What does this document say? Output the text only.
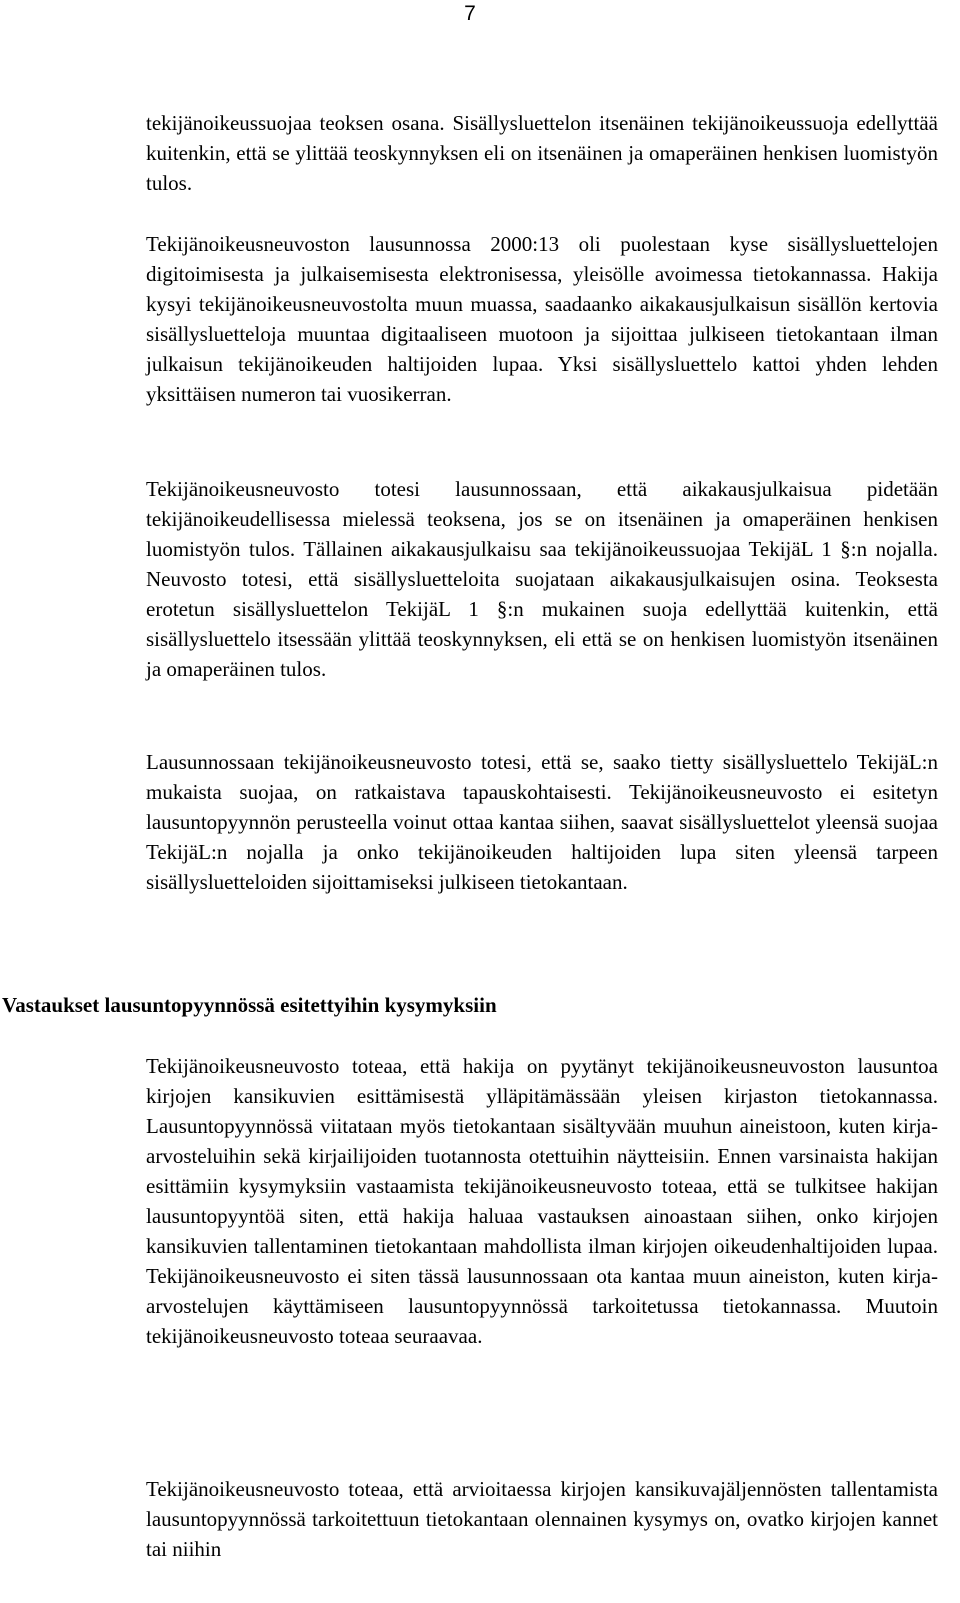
7

tekijänoikeussuojaa teoksen osana. Sisällysluettelon itsenäinen tekijänoikeussuoja edellyttää kuitenkin, että se ylittää teoskynnyksen eli on itsenäinen ja omaperäinen henkisen luomistyön tulos.

Tekijänoikeusneuvoston lausunnossa 2000:13 oli puolestaan kyse sisällysluettelojen digitoimisesta ja julkaisemisesta elektronisessa, yleisölle avoimessa tietokannassa. Hakija kysyi tekijänoikeusneuvostolta muun muassa, saadaanko aikakausjulkaisun sisällön kertovia sisällysluetteloja muuntaa digitaaliseen muotoon ja sijoittaa julkiseen tietokantaan ilman julkaisun tekijänoikeuden haltijoiden lupaa. Yksi sisällysluettelo kattoi yhden lehden yksittäisen numeron tai vuosikerran.

Tekijänoikeusneuvosto totesi lausunnossaan, että aikakausjulkaisua pidetään tekijänoikeudellisessa mielessä teoksena, jos se on itsenäinen ja omaperäinen henkisen luomistyön tulos. Tällainen aikakausjulkaisu saa tekijänoikeussuojaa TekijäL 1 §:n nojalla. Neuvosto totesi, että sisällysluetteloita suojataan aikakausjulkaisujen osina. Teoksesta erotetun sisällysluettelon TekijäL 1 §:n mukainen suoja edellyttää kuitenkin, että sisällysluettelo itsessään ylittää teoskynnyksen, eli että se on henkisen luomistyön itsenäinen ja omaperäinen tulos.

Lausunnossaan tekijänoikeusneuvosto totesi, että se, saako tietty sisällysluettelo TekijäL:n mukaista suojaa, on ratkaistava tapauskohtaisesti. Tekijänoikeusneuvosto ei esitetyn lausuntopyynnön perusteella voinut ottaa kantaa siihen, saavat sisällysluettelot yleensä suojaa TekijäL:n nojalla ja onko tekijänoikeuden haltijoiden lupa siten yleensä tarpeen sisällysluetteloiden sijoittamiseksi julkiseen tietokantaan.

Vastaukset lausuntopyynnössä esitettyihin kysymyksiin

Tekijänoikeusneuvosto toteaa, että hakija on pyytänyt tekijänoikeusneuvoston lausuntoa kirjojen kansikuvien esittämisestä ylläpitämässään yleisen kirjaston tietokannassa. Lausuntopyynnössä viitataan myös tietokantaan sisältyvään muuhun aineistoon, kuten kirja-arvosteluihin sekä kirjailijoiden tuotannosta otettuihin näytteisiin. Ennen varsinaista hakijan esittämiin kysymyksiin vastaamista tekijänoikeusneuvosto toteaa, että se tulkitsee hakijan lausuntopyyntöä siten, että hakija haluaa vastauksen ainoastaan siihen, onko kirjojen kansikuvien tallentaminen tietokantaan mahdollista ilman kirjojen oikeudenhaltijoiden lupaa. Tekijänoikeusneuvosto ei siten tässä lausunnossaan ota kantaa muun aineiston, kuten kirja-arvostelujen käyttämiseen lausuntopyynnössä tarkoitetussa tietokannassa. Muutoin tekijänoikeusneuvosto toteaa seuraavaa.

Tekijänoikeusneuvosto toteaa, että arvioitaessa kirjojen kansikuvajäljennösten tallentamista lausuntopyynnössä tarkoitettuun tietokantaan olennainen kysymys on, ovatko kirjojen kannet tai niihin
